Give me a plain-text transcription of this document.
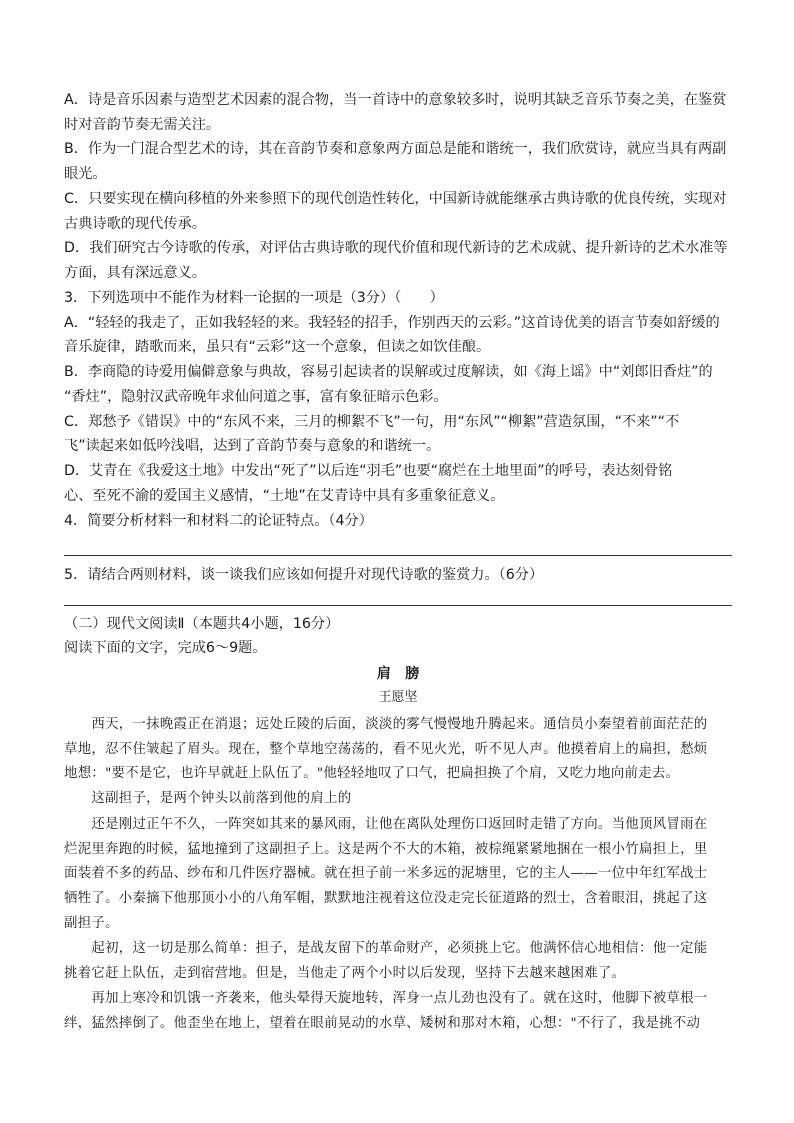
A．诗是音乐因素与造型艺术因素的混合物，当一首诗中的意象较多时，说明其缺乏音乐节奏之美，在鉴赏
时对音韵节奏无需关注。
B．作为一门混合型艺术的诗，其在音韵节奏和意象两方面总是能和谐统一，我们欣赏诗，就应当具有两副
眼光。
C．只要实现在横向移植的外来参照下的现代创造性转化，中国新诗就能继承古典诗歌的优良传统，实现对
古典诗歌的现代传承。
D．我们研究古今诗歌的传承，对评估古典诗歌的现代价值和现代新诗的艺术成就、提升新诗的艺术水准等
方面，具有深远意义。
3．下列选项中不能作为材料一论据的一项是（3分）（　　）
A．“轻轻的我走了，正如我轻轻的来。我轻轻的招手，作别西天的云彩。”这首诗优美的语言节奏如舒缓的
音乐旋律，踏歌而来，虽只有“云彩”这一个意象，但读之如饮佳酿。
B．李商隐的诗爱用偏僻意象与典故，容易引起读者的误解或过度解读，如《海上谣》中“刘郎旧香炷”的
“香炷”，隐射汉武帝晚年求仙问道之事，富有象征暗示色彩。
C．郑愁予《错误》中的“东风不来，三月的柳絮不飞”一句，用“东风”“柳絮”营造氛围，“不来”“不
飞”读起来如低吟浅唱，达到了音韵节奏与意象的和谐统一。
D．艾青在《我爱这土地》中发出“死了”以后连“羽毛”也要“腐烂在土地里面”的呼号，表达刻骨铭
心、至死不渝的爱国主义感情，“土地”在艾青诗中具有多重象征意义。
4．简要分析材料一和材料二的论证特点。（4分）
5．请结合两则材料，谈一谈我们应该如何提升对现代诗歌的鉴赏力。（6分）
（二）现代文阅读Ⅱ（本题共4小题，16分）
阅读下面的文字，完成6～9题。
肩　膀
王愿坚
　　西天，一抹晚霞正在消退；远处丘陵的后面，淡淡的雾气慢慢地升腾起来。通信员小秦望着前面茫茫的
草地，忍不住皱起了眉头。现在，整个草地空荡荡的，看不见火光，听不见人声。他摸着肩上的扁担，愁烦
地想："要不是它，也许早就赶上队伍了。"他轻轻地叹了口气，把扁担换了个肩，又吃力地向前走去。
　　这副担子，是两个钟头以前落到他的肩上的
　　还是刚过正午不久，一阵突如其来的暴风雨，让他在离队处理伤口返回时走错了方向。当他顶风冒雨在
烂泥里奔跑的时候，猛地撞到了这副担子上。这是两个不大的木箱，被棕绳紧紧地捆在一根小竹扁担上，里
面装着不多的药品、纱布和几件医疗器械。就在担子前一米多远的泥塘里，它的主人——一位中年红军战士
牺牲了。小秦摘下他那顶小小的八角军帽，默默地注视着这位没走完长征道路的烈士，含着眼泪，挑起了这
副担子。
　　起初，这一切是那么简单：担子，是战友留下的革命财产，必须挑上它。他满怀信心地相信：他一定能
挑着它赶上队伍，走到宿营地。但是，当他走了两个小时以后发现，坚持下去越来越困难了。
　　再加上寒冷和饥饿一齐袭来，他头晕得天旋地转，浑身一点儿劲也没有了。就在这时，他脚下被草根一
绊，猛然摔倒了。他歪坐在地上，望着在眼前晃动的水草、矮树和那对木箱，心想："不行了，我是挑不动
